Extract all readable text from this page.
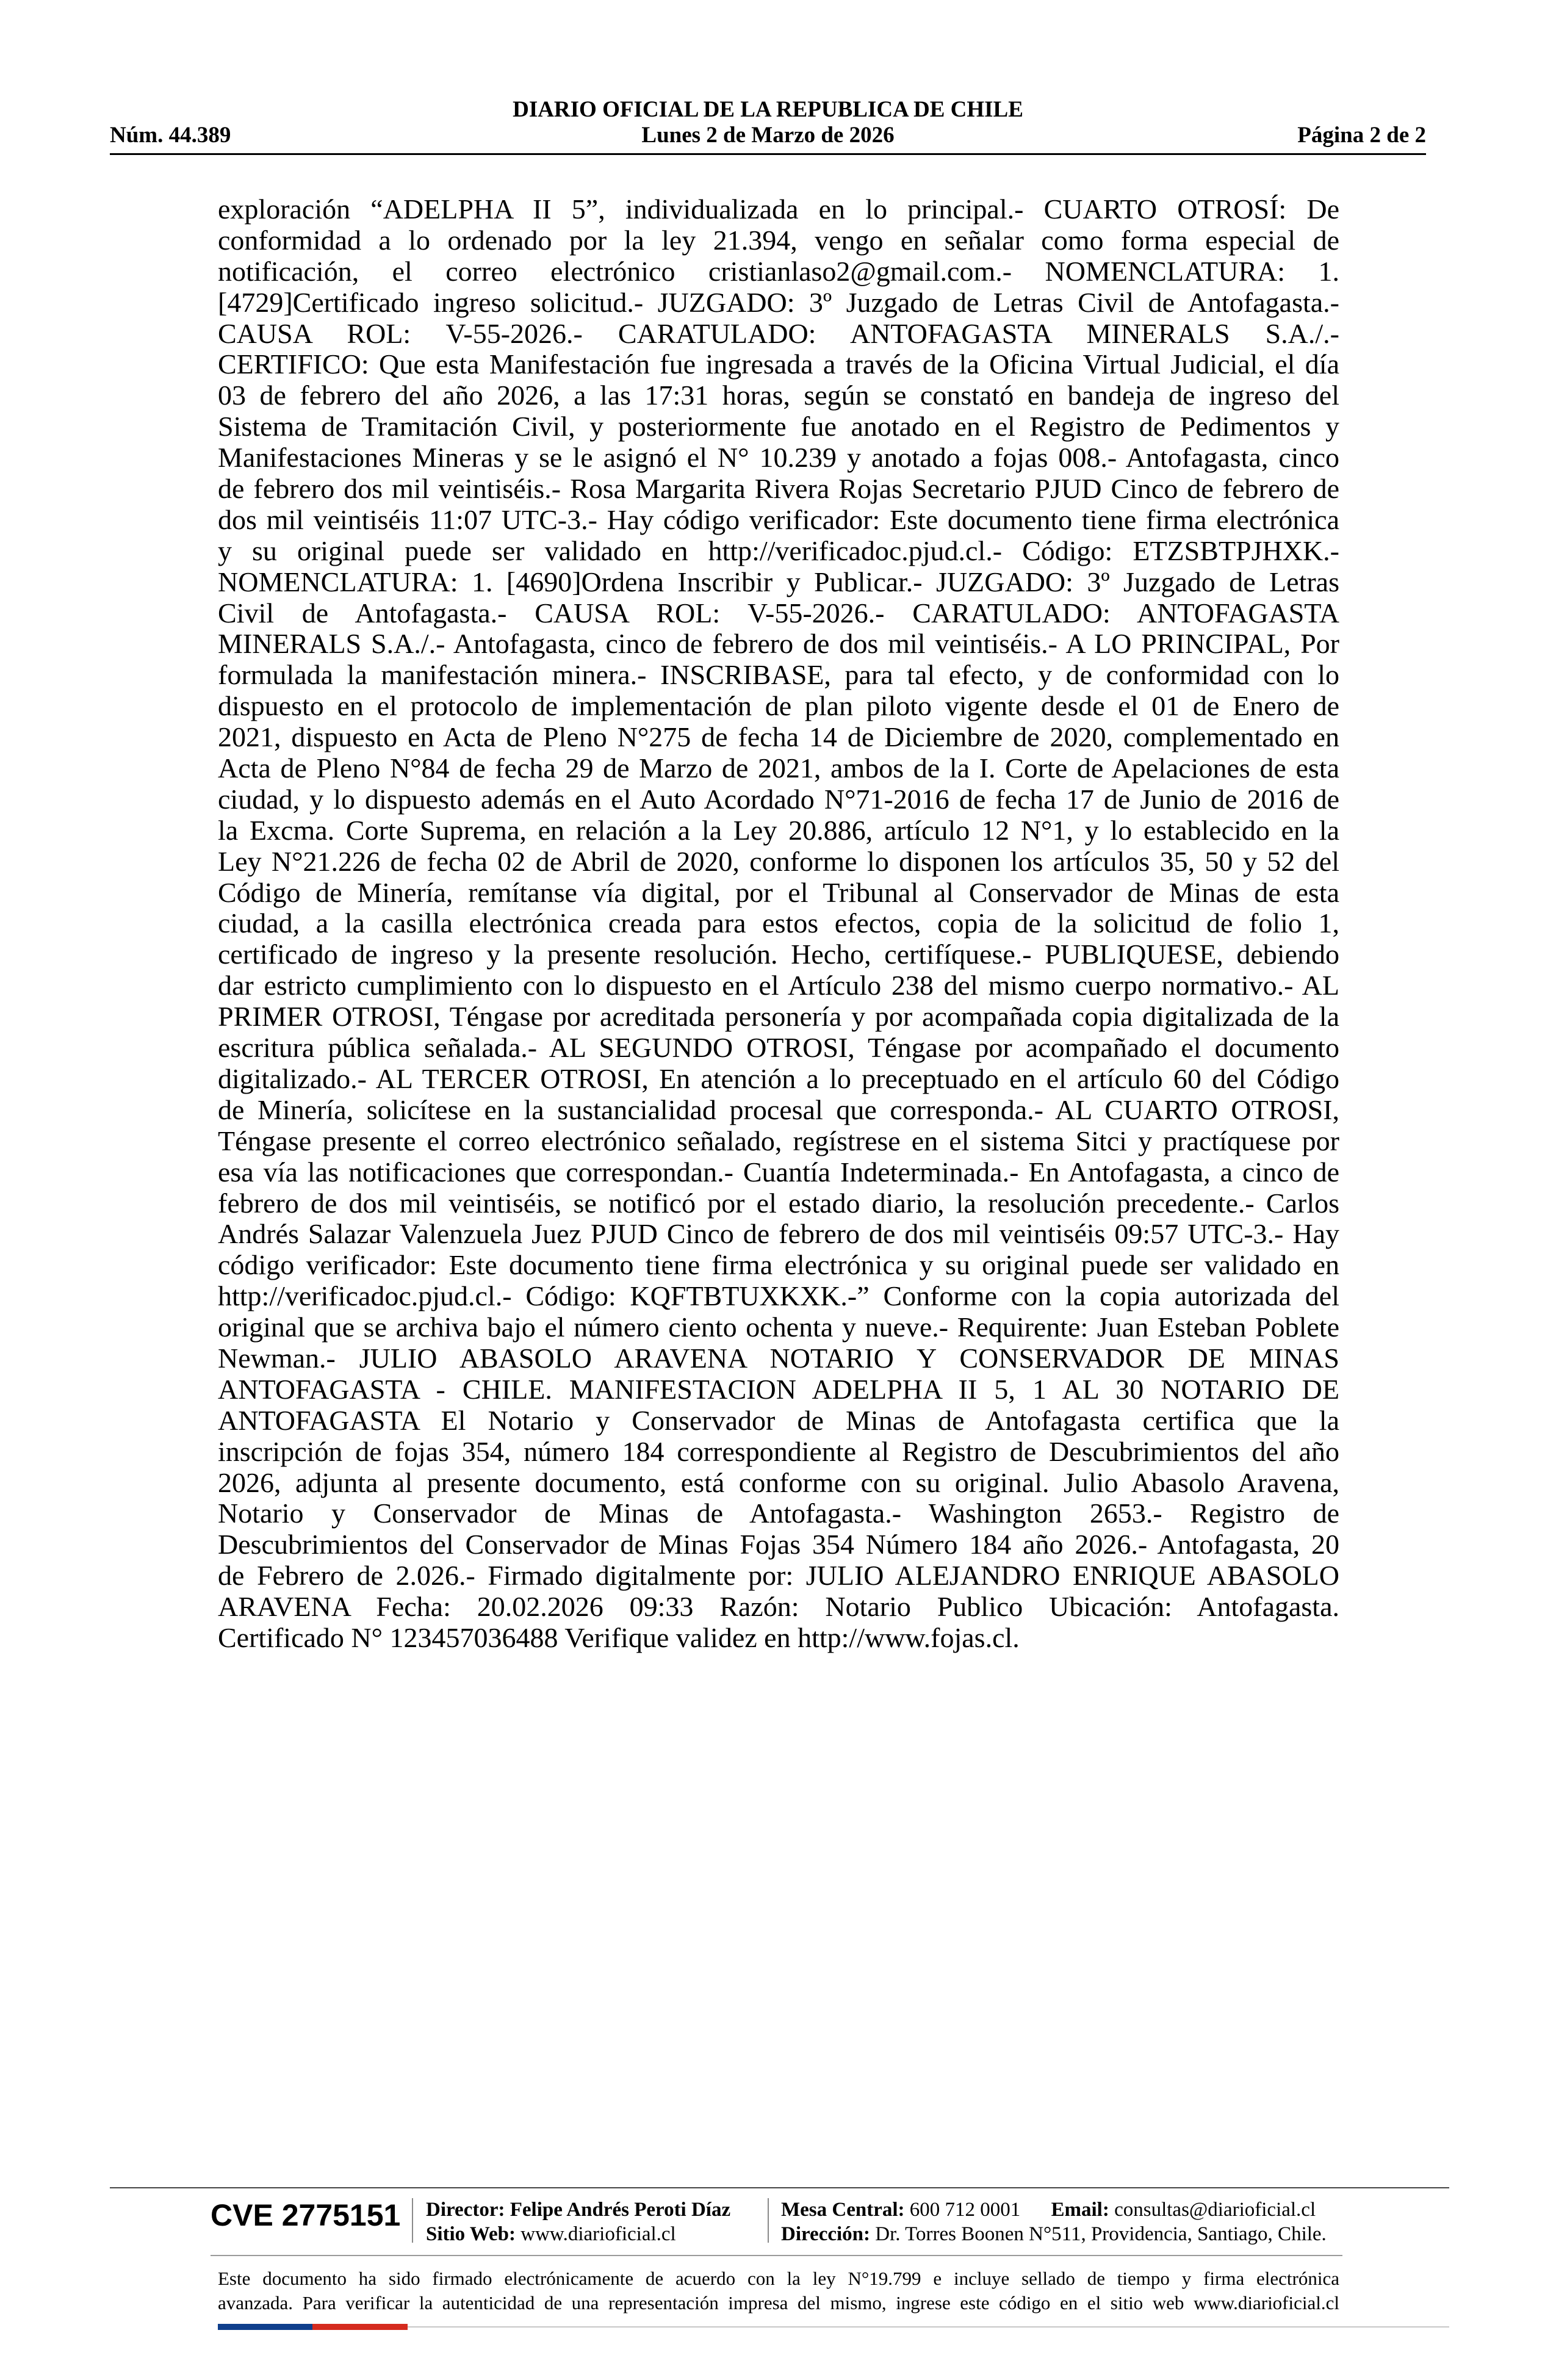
DIARIO OFICIAL DE LA REPUBLICA DE CHILE
Núm. 44.389	Lunes 2 de Marzo de 2026	Página 2 de 2
exploración “ADELPHA II 5”, individualizada en lo principal.- CUARTO OTROSÍ: De
conformidad a lo ordenado por la ley 21.394, vengo en señalar como forma especial de
notificación, el correo electrónico cristianlaso2@gmail.com.- NOMENCLATURA: 1.
[4729]Certificado ingreso solicitud.- JUZGADO: 3º Juzgado de Letras Civil de Antofagasta.-
CAUSA ROL: V-55-2026.- CARATULADO: ANTOFAGASTA MINERALS S.A./.-
CERTIFICO: Que esta Manifestación fue ingresada a través de la Oficina Virtual Judicial, el día
03 de febrero del año 2026, a las 17:31 horas, según se constató en bandeja de ingreso del
Sistema de Tramitación Civil, y posteriormente fue anotado en el Registro de Pedimentos y
Manifestaciones Mineras y se le asignó el N° 10.239 y anotado a fojas 008.- Antofagasta, cinco
de febrero dos mil veintiséis.- Rosa Margarita Rivera Rojas Secretario PJUD Cinco de febrero de
dos mil veintiséis 11:07 UTC-3.- Hay código verificador: Este documento tiene firma electrónica
y su original puede ser validado en http://verificadoc.pjud.cl.- Código: ETZSBTPJHXK.-
NOMENCLATURA: 1. [4690]Ordena Inscribir y Publicar.- JUZGADO: 3º Juzgado de Letras
Civil de Antofagasta.- CAUSA ROL: V-55-2026.- CARATULADO: ANTOFAGASTA
MINERALS S.A./.- Antofagasta, cinco de febrero de dos mil veintiséis.- A LO PRINCIPAL, Por
formulada la manifestación minera.- INSCRIBASE, para tal efecto, y de conformidad con lo
dispuesto en el protocolo de implementación de plan piloto vigente desde el 01 de Enero de
2021, dispuesto en Acta de Pleno N°275 de fecha 14 de Diciembre de 2020, complementado en
Acta de Pleno N°84 de fecha 29 de Marzo de 2021, ambos de la I. Corte de Apelaciones de esta
ciudad, y lo dispuesto además en el Auto Acordado N°71-2016 de fecha 17 de Junio de 2016 de
la Excma. Corte Suprema, en relación a la Ley 20.886, artículo 12 N°1, y lo establecido en la
Ley N°21.226 de fecha 02 de Abril de 2020, conforme lo disponen los artículos 35, 50 y 52 del
Código de Minería, remítanse vía digital, por el Tribunal al Conservador de Minas de esta
ciudad, a la casilla electrónica creada para estos efectos, copia de la solicitud de folio 1,
certificado de ingreso y la presente resolución. Hecho, certifíquese.- PUBLIQUESE, debiendo
dar estricto cumplimiento con lo dispuesto en el Artículo 238 del mismo cuerpo normativo.- AL
PRIMER OTROSI, Téngase por acreditada personería y por acompañada copia digitalizada de la
escritura pública señalada.- AL SEGUNDO OTROSI, Téngase por acompañado el documento
digitalizado.- AL TERCER OTROSI, En atención a lo preceptuado en el artículo 60 del Código
de Minería, solicítese en la sustancialidad procesal que corresponda.- AL CUARTO OTROSI,
Téngase presente el correo electrónico señalado, regístrese en el sistema Sitci y practíquese por
esa vía las notificaciones que correspondan.- Cuantía Indeterminada.- En Antofagasta, a cinco de
febrero de dos mil veintiséis, se notificó por el estado diario, la resolución precedente.- Carlos
Andrés Salazar Valenzuela Juez PJUD Cinco de febrero de dos mil veintiséis 09:57 UTC-3.- Hay
código verificador: Este documento tiene firma electrónica y su original puede ser validado en
http://verificadoc.pjud.cl.- Código: KQFTBTUXKXK.-” Conforme con la copia autorizada del
original que se archiva bajo el número ciento ochenta y nueve.- Requirente: Juan Esteban Poblete
Newman.- JULIO ABASOLO ARAVENA NOTARIO Y CONSERVADOR DE MINAS
ANTOFAGASTA - CHILE. MANIFESTACION ADELPHA II 5, 1 AL 30 NOTARIO DE
ANTOFAGASTA El Notario y Conservador de Minas de Antofagasta certifica que la
inscripción de fojas 354, número 184 correspondiente al Registro de Descubrimientos del año
2026, adjunta al presente documento, está conforme con su original. Julio Abasolo Aravena,
Notario y Conservador de Minas de Antofagasta.- Washington 2653.- Registro de
Descubrimientos del Conservador de Minas Fojas 354 Número 184 año 2026.- Antofagasta, 20
de Febrero de 2.026.- Firmado digitalmente por: JULIO ALEJANDRO ENRIQUE ABASOLO
ARAVENA Fecha: 20.02.2026 09:33 Razón: Notario Publico Ubicación: Antofagasta.
Certificado N° 123457036488 Verifique validez en http://www.fojas.cl.
CVE 2775151 Director: Felipe Andrés Peroti Díaz
Sitio Web: www.diarioficial.cl
Mesa Central: 600 712 0001 Email: consultas@diarioficial.cl
Dirección: Dr. Torres Boonen N°511, Providencia, Santiago, Chile.
Este documento ha sido firmado electrónicamente de acuerdo con la ley N°19.799 e incluye sellado de tiempo y firma electrónica
avanzada. Para verificar la autenticidad de una representación impresa del mismo, ingrese este código en el sitio web www.diarioficial.cl
